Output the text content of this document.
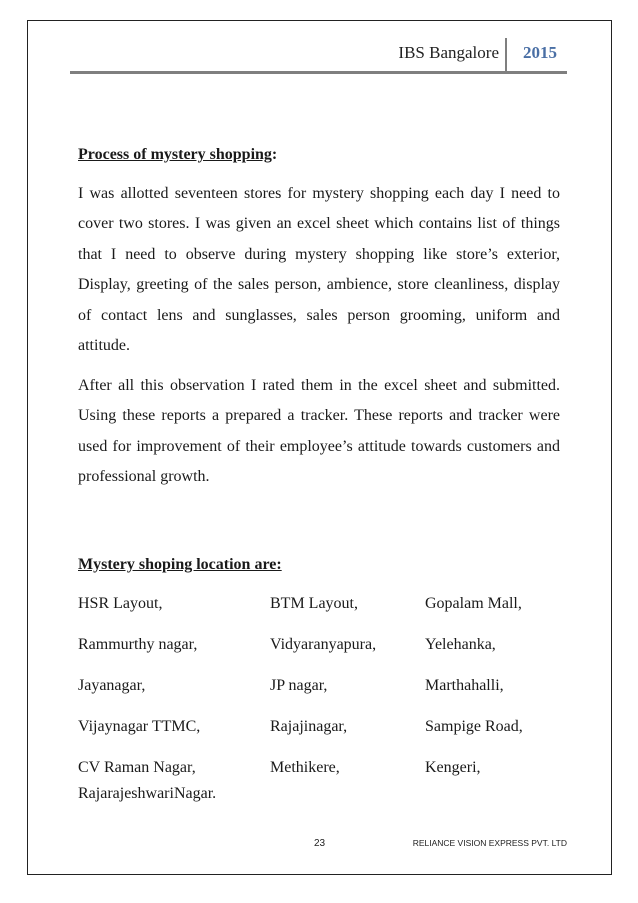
IBS Bangalore 2015
Process of mystery shopping:

I was allotted seventeen stores for mystery shopping each day I need to cover two stores. I was given an excel sheet which contains list of things that I need to observe during mystery shopping like store’s exterior, Display, greeting of the sales person, ambience, store cleanliness, display of contact lens and sunglasses, sales person grooming, uniform and attitude.

After all this observation I rated them in the excel sheet and submitted. Using these reports a prepared a tracker. These reports and tracker were used for improvement of their employee’s attitude towards customers and professional growth.

Mystery shoping location are:
HSR Layout,	BTM Layout,	Gopalam Mall,
Rammurthy nagar,	Vidyaranyapura,	Yelehanka,
Jayanagar,	JP nagar,	Marthahalli,
Vijaynagar TTMC,	Rajajinagar,	Sampige Road,
CV Raman Nagar,	Methikere,	Kengeri,
RajarajeshwariNagar.
23	RELIANCE VISION EXPRESS PVT. LTD
